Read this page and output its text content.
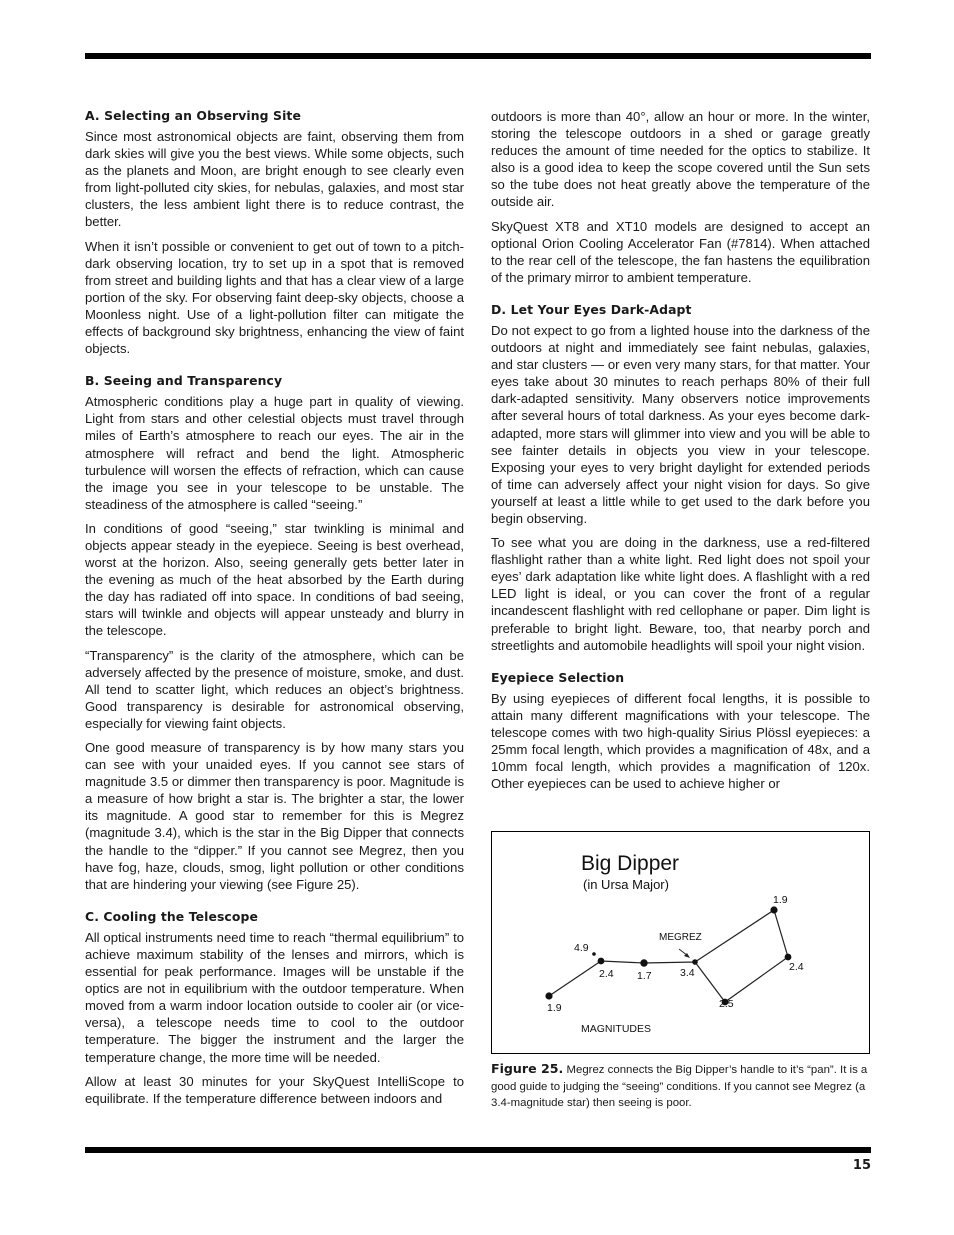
A. Selecting an Observing Site

Since most astronomical objects are faint, observing them from dark skies will give you the best views. While some objects, such as the planets and Moon, are bright enough to see clearly even from light-polluted city skies, for nebulas, galaxies, and most star clusters, the less ambient light there is to reduce contrast, the better.

When it isn’t possible or convenient to get out of town to a pitch-dark observing location, try to set up in a spot that is removed from street and building lights and that has a clear view of a large portion of the sky. For observing faint deep-sky objects, choose a Moonless night. Use of a light-pollution filter can mitigate the effects of background sky brightness, enhancing the view of faint objects.

B. Seeing and Transparency

Atmospheric conditions play a huge part in quality of viewing. Light from stars and other celestial objects must travel through miles of Earth’s atmosphere to reach our eyes. The air in the atmosphere will refract and bend the light. Atmospheric turbulence will worsen the effects of refraction, which can cause the image you see in your telescope to be unstable. The steadiness of the atmosphere is called “seeing.”

In conditions of good “seeing,” star twinkling is minimal and objects appear steady in the eyepiece. Seeing is best overhead, worst at the horizon. Also, seeing generally gets better later in the evening as much of the heat absorbed by the Earth during the day has radiated off into space. In conditions of bad seeing, stars will twinkle and objects will appear unsteady and blurry in the telescope.

“Transparency” is the clarity of the atmosphere, which can be adversely affected by the presence of moisture, smoke, and dust. All tend to scatter light, which reduces an object’s brightness. Good transparency is desirable for astronomical observing, especially for viewing faint objects.

One good measure of transparency is by how many stars you can see with your unaided eyes. If you cannot see stars of magnitude 3.5 or dimmer then transparency is poor. Magnitude is a measure of how bright a star is. The brighter a star, the lower its magnitude. A good star to remember for this is Megrez (magnitude 3.4), which is the star in the Big Dipper that connects the handle to the “dipper.” If you cannot see Megrez, then you have fog, haze, clouds, smog, light pollution or other conditions that are hindering your viewing (see Figure 25).

C. Cooling the Telescope

All optical instruments need time to reach “thermal equilibrium” to achieve maximum stability of the lenses and mirrors, which is essential for peak performance. Images will be unstable if the optics are not in equilibrium with the outdoor temperature. When moved from a warm indoor location outside to cooler air (or vice-versa), a telescope needs time to cool to the outdoor temperature. The bigger the instrument and the larger the temperature change, the more time will be needed.

Allow at least 30 minutes for your SkyQuest IntelliScope to equilibrate. If the temperature difference between indoors and

outdoors is more than 40°, allow an hour or more. In the winter, storing the telescope outdoors in a shed or garage greatly reduces the amount of time needed for the optics to stabilize. It also is a good idea to keep the scope covered until the Sun sets so the tube does not heat greatly above the temperature of the outside air.

SkyQuest XT8 and XT10 models are designed to accept an optional Orion Cooling Accelerator Fan (#7814). When attached to the rear cell of the telescope, the fan hastens the equilibration of the primary mirror to ambient temperature.

D. Let Your Eyes Dark-Adapt

Do not expect to go from a lighted house into the darkness of the outdoors at night and immediately see faint nebulas, galaxies, and star clusters — or even very many stars, for that matter. Your eyes take about 30 minutes to reach perhaps 80% of their full dark-adapted sensitivity. Many observers notice improvements after several hours of total darkness. As your eyes become dark-adapted, more stars will glimmer into view and you will be able to see fainter details in objects you view in your telescope. Exposing your eyes to very bright daylight for extended periods of time can adversely affect your night vision for days. So give yourself at least a little while to get used to the dark before you begin observing.

To see what you are doing in the darkness, use a red-filtered flashlight rather than a white light. Red light does not spoil your eyes’ dark adaptation like white light does. A flashlight with a red LED light is ideal, or you can cover the front of a regular incandescent flashlight with red cellophane or paper. Dim light is preferable to bright light. Beware, too, that nearby porch and streetlights and automobile headlights will spoil your night vision.

Eyepiece Selection

By using eyepieces of different focal lengths, it is possible to attain many different magnifications with your telescope. The telescope comes with two high-quality Sirius Plössl eyepieces: a 25mm focal length, which provides a magnification of 48x, and a 10mm focal length, which provides a magnification of 120x. Other eyepieces can be used to achieve higher or

Big Dipper
(in Ursa Major)
MEGREZ
1.9
4.9
2.4 1.7	3.4
2.5
2.4
1.9
MAGNITUDES
Figure 25. Megrez connects the Big Dipper’s handle to it’s “pan”. It is a good guide to judging the “seeing” conditions. If you cannot see Megrez (a 3.4-magnitude star) then seeing is poor.
15
